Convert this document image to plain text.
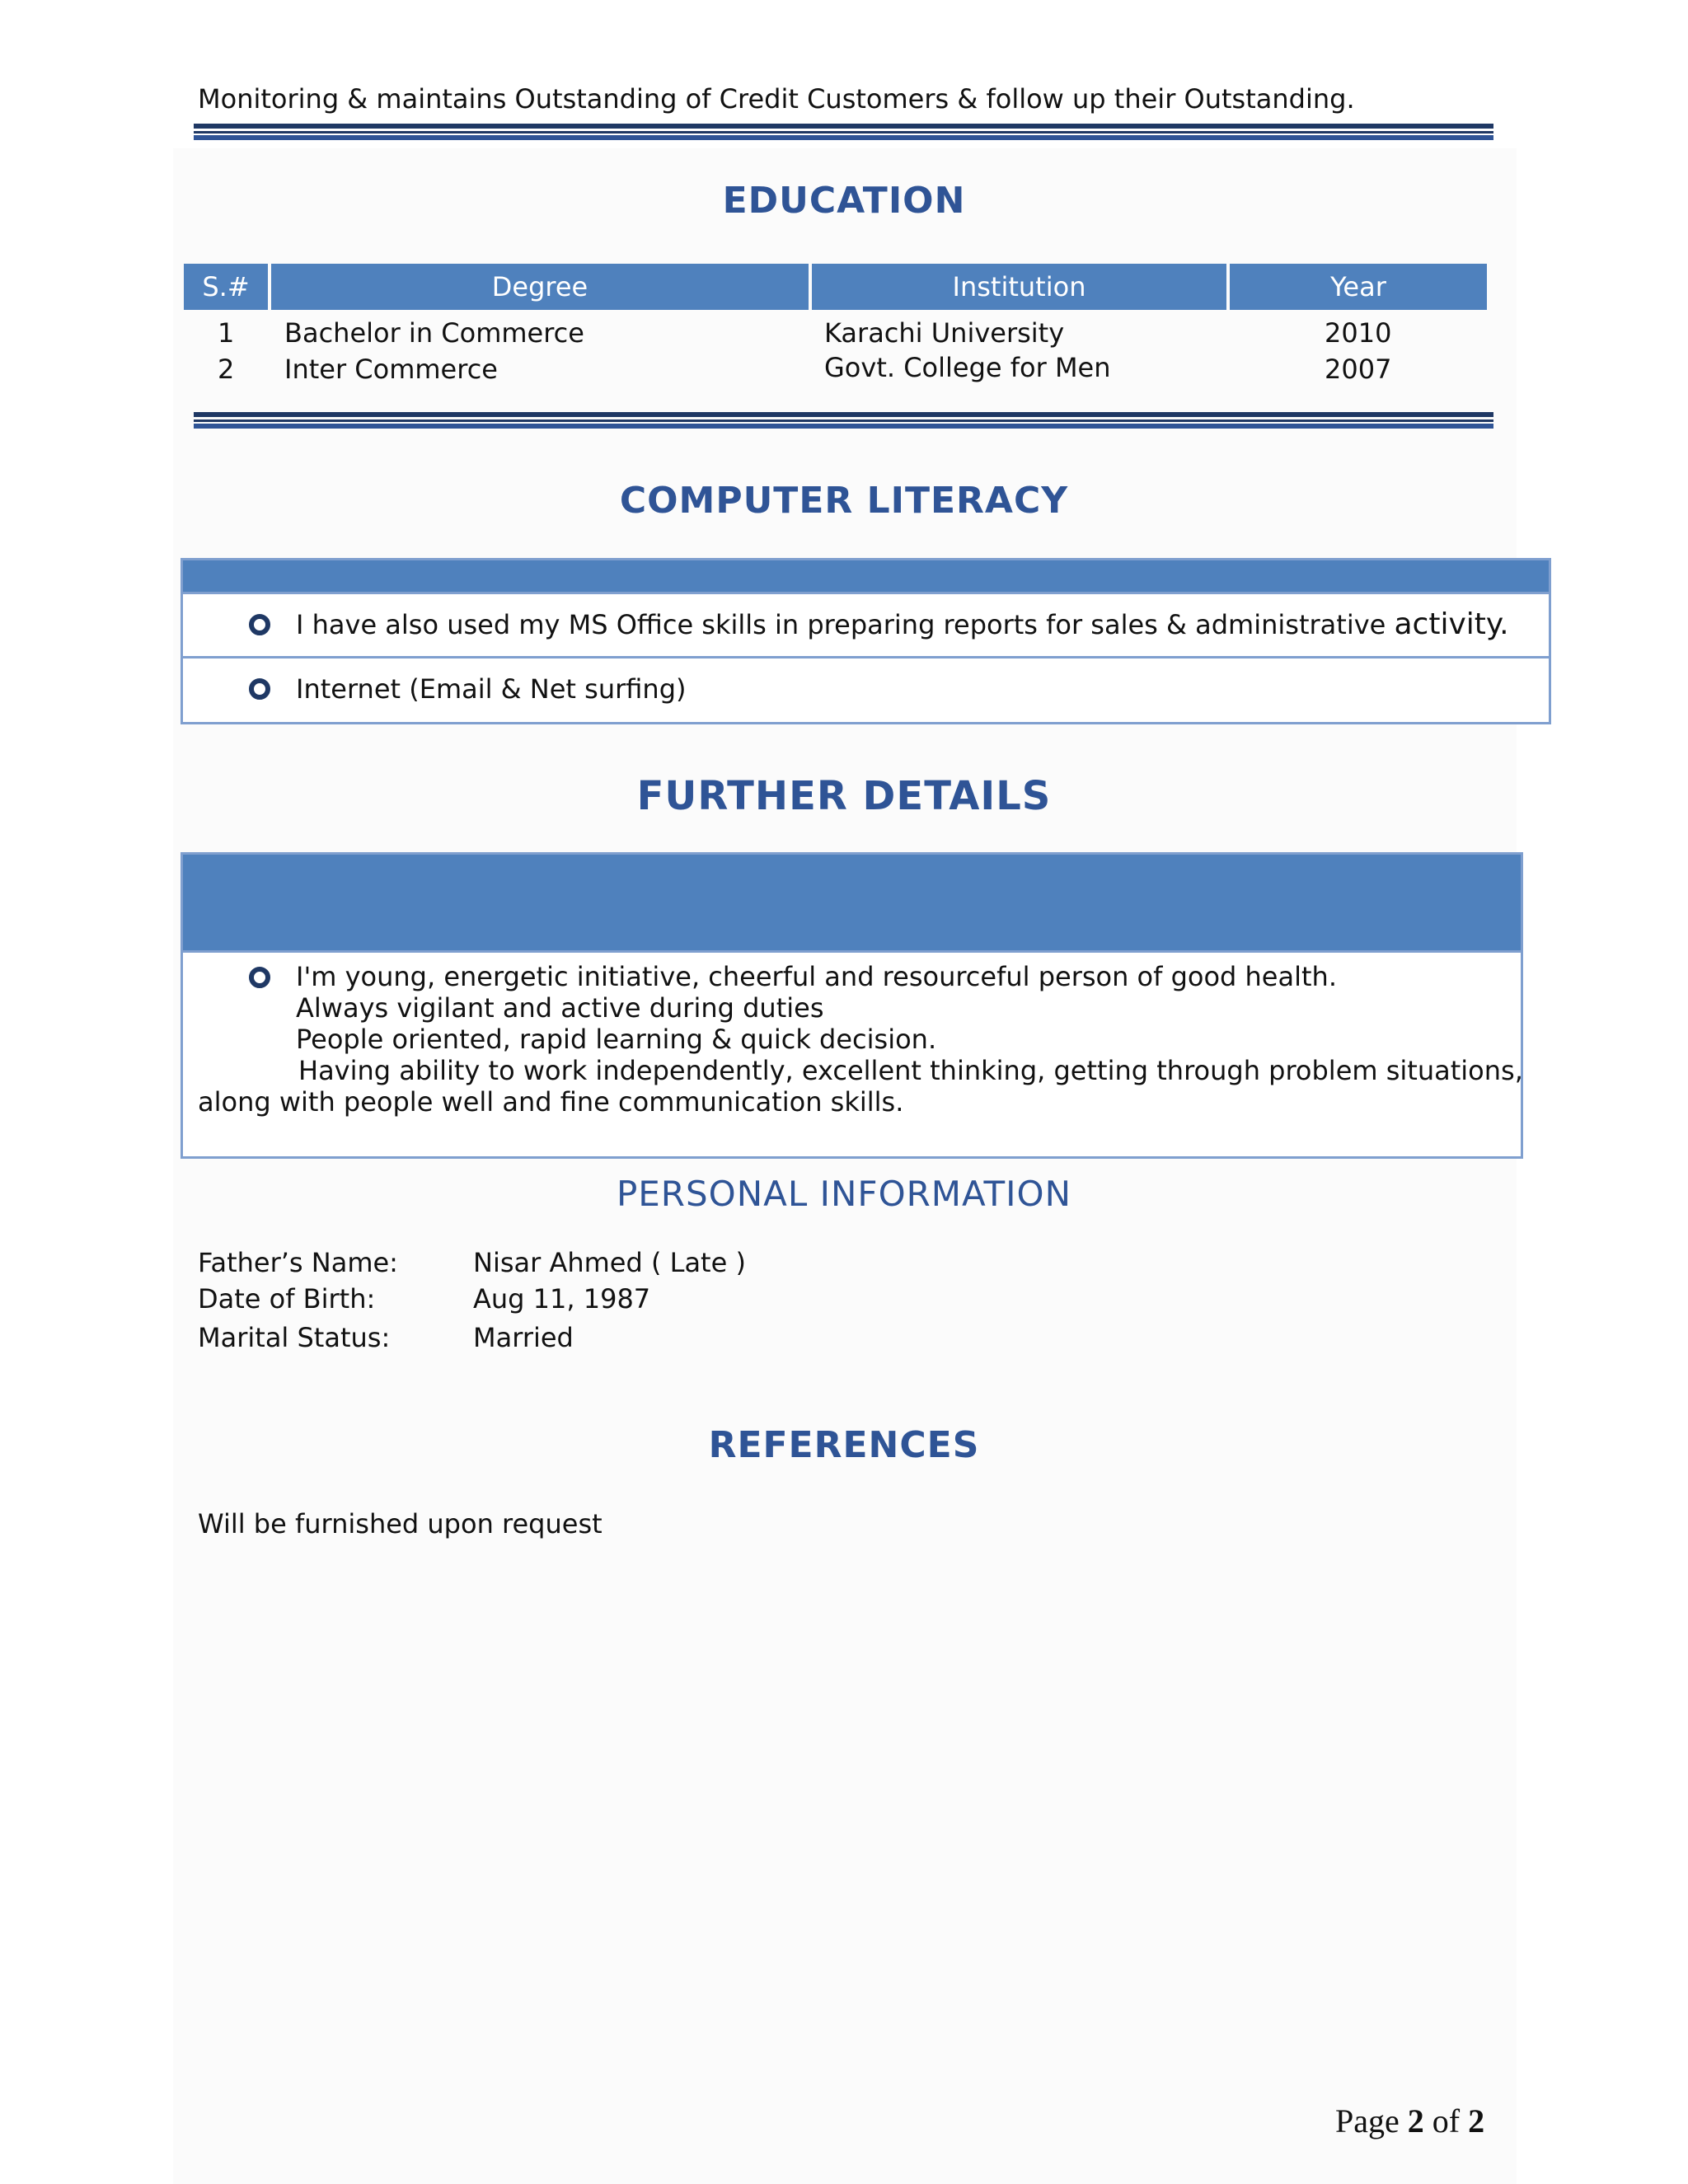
Monitoring & maintains Outstanding of Credit Customers & follow up their Outstanding.
EDUCATION
S.#	Degree	Institution	Year
1 Bachelor in Commerce	Karachi University	2010
2 Inter Commerce	Govt. College for Men	2007
COMPUTER LITERACY
I have also used my MS Office skills in preparing reports for sales & administrative activity.
Internet (Email & Net surfing)
FURTHER DETAILS
I'm young, energetic initiative, cheerful and resourceful person of good health.
Always vigilant and active during duties
People oriented, rapid learning & quick decision.
Having ability to work independently, excellent thinking, getting through problem situations,
along with people well and fine communication skills.
PERSONAL INFORMATION
Father’s Name:	Nisar Ahmed ( Late )
Date of Birth:	Aug 11, 1987
Marital Status:	Married
REFERENCES
Will be furnished upon request
Page 2 of 2
